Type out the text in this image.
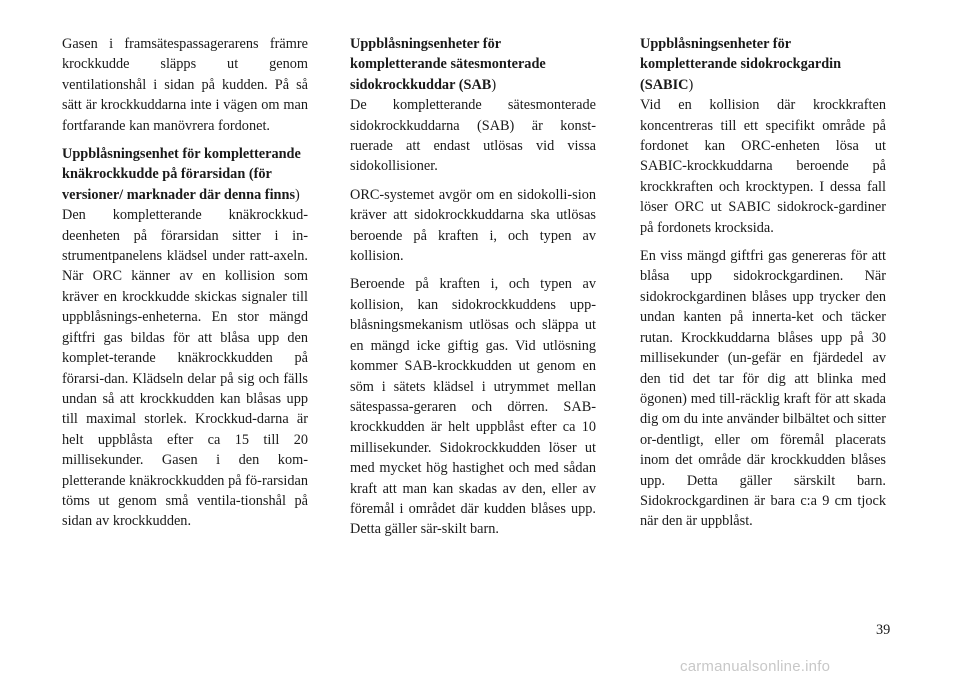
Gasen i framsätespassagerarens främre krockkudde släpps ut genom ventilationshål i sidan på kudden. På så sätt är krockkuddarna inte i vägen om man fortfarande kan manövrera fordonet.

Uppblåsningsenhet för kompletterande knäkrockkudde på förarsidan (för versioner/ marknader där denna finns)

Den kompletterande knäkrockkud-deenheten på förarsidan sitter i in-strumentpanelens klädsel under ratt-axeln. När ORC känner av en kollision som kräver en krockkudde skickas signaler till uppblåsnings-enheterna. En stor mängd giftfri gas bildas för att blåsa upp den komplet-terande knäkrockkudden på förarsi-dan. Klädseln delar på sig och fälls undan så att krockkudden kan blåsas upp till maximal storlek. Krockkud-darna är helt uppblåsta efter ca 15 till 20 millisekunder. Gasen i den kom-pletterande knäkrockkudden på fö-rarsidan töms ut genom små ventila-tionshål på sidan av krockkudden.

Uppblåsningsenheter för kompletterande sätesmonterade sidokrockkuddar (SAB)

De kompletterande sätesmonterade sidokrockkuddarna (SAB) är konst-ruerade att endast utlösas vid vissa sidokollisioner.

ORC-systemet avgör om en sidokolli-sion kräver att sidokrockkuddarna ska utlösas beroende på kraften i, och typen av kollision.

Beroende på kraften i, och typen av kollision, kan sidokrockkuddens upp-blåsningsmekanism utlösas och släppa ut en mängd icke giftig gas. Vid utlösning kommer SAB-krockkudden ut genom en söm i sätets klädsel i utrymmet mellan sätespassa-geraren och dörren. SAB-krockkudden är helt uppblåst efter ca 10 millisekunder. Sidokrockkudden löser ut med mycket hög hastighet och med sådan kraft att man kan skadas av den, eller av föremål i området där kudden blåses upp. Detta gäller sär-skilt barn.

Uppblåsningsenheter för kompletterande sidokrockgardin (SABIC)

Vid en kollision där krockkraften koncentreras till ett specifikt område på fordonet kan ORC-enheten lösa ut SABIC-krockkuddarna beroende på krockkraften och krocktypen. I dessa fall löser ORC ut SABIC sidokrock-gardiner på fordonets krocksida.

En viss mängd giftfri gas genereras för att blåsa upp sidokrockgardinen. När sidokrockgardinen blåses upp trycker den undan kanten på innerta-ket och täcker rutan. Krockkuddarna blåses upp på 30 millisekunder (un-gefär en fjärdedel av den tid det tar för dig att blinka med ögonen) med till-räcklig kraft för att skada dig om du inte använder bilbältet och sitter or-dentligt, eller om föremål placerats inom det område där krockkudden blåses upp. Detta gäller särskilt barn. Sidokrockgardinen är bara c:a 9 cm tjock när den är uppblåst.

39
carmanualsonline.info
